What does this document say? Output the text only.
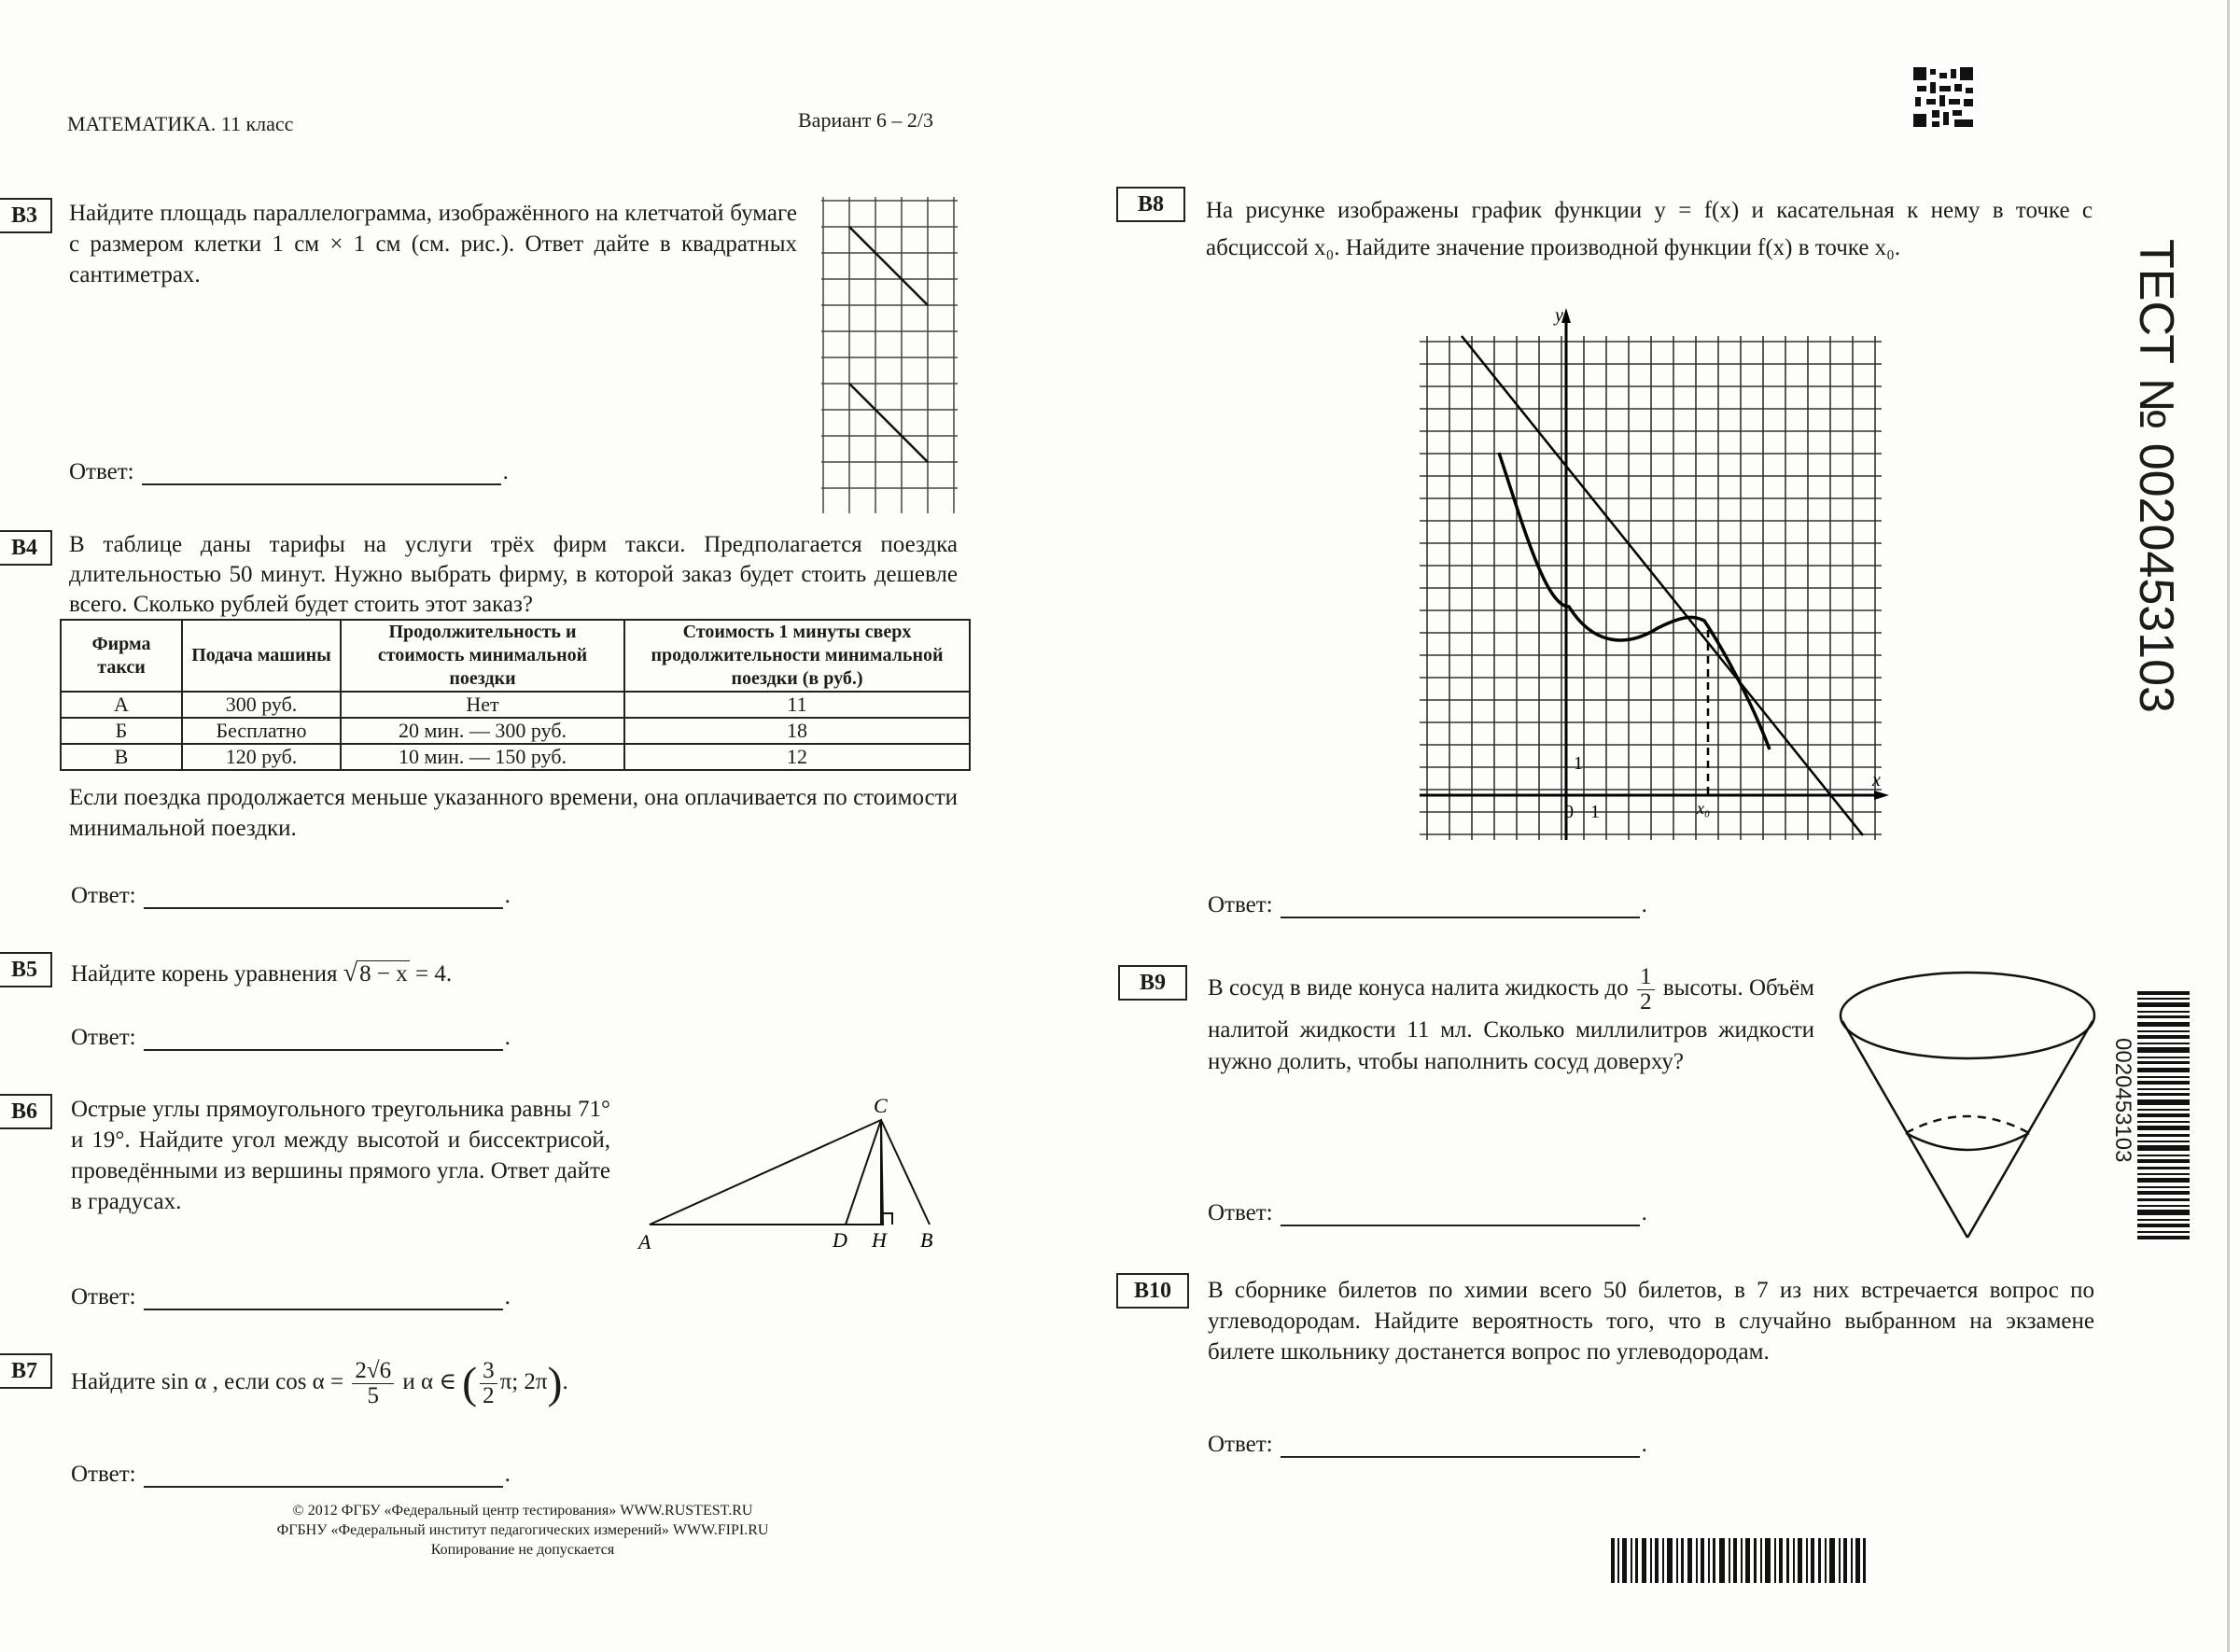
МАТЕМАТИКА. 11 класс	Вариант 6 – 2/3
B3	Найдите площадь параллелограмма, изображённого на клетчатой бумаге с размером клетки 1 см × 1 см (см. рис.). Ответ дайте в квадратных сантиметрах.
Ответ:	.
B4	В таблице даны тарифы на услуги трёх фирм такси. Предполагается поездка длительностью 50 минут. Нужно выбрать фирму, в которой заказ будет стоить дешевле всего. Сколько рублей будет стоить этот заказ?
Фирма такси	Подача машины	Продолжительность и стоимость минимальной поездки	Стоимость 1 минуты сверх продолжительности минимальной поездки (в руб.)
А	300 руб.	Нет	11
Б	Бесплатно	20 мин. — 300 руб.	18
В	120 руб.	10 мин. — 150 руб.	12
Если поездка продолжается меньше указанного времени, она оплачивается по стоимости минимальной поездки.
Ответ:	.
B5	Найдите корень уравнения √8 − x = 4.
Ответ:	.
B6	Острые углы прямоугольного треугольника равны 71° и 19°. Найдите угол между высотой и биссектрисой, проведёнными из вершины прямого угла. Ответ дайте в градусах.
A	D H B
C
Ответ:	.
B7	Найдите sin α , если $\cos \alpha = \frac{2√6}{5}$ и α ∈ ( $\frac{3}{2} \pi$; 2π).
Ответ:	.
© 2012 ФГБУ «Федеральный центр тестирования» WWW.RUSTEST.RU
ФГБНУ «Федеральный институт педагогических измерений» WWW.FIPI.RU
Копирование не допускается
B8	На рисунке изображены график функции y = f(x) и касательная к нему в точке с абсциссой x₀. Найдите значение производной функции f(x) в точке x₀.
y
x
0 1
1
x₀
Ответ:	.
B9	В сосуд в виде конуса налита жидкость до $\frac{1}{2}$ высоты. Объём налитой жидкости 11 мл. Сколько миллилитров жидкости нужно долить, чтобы наполнить сосуд доверху?
Ответ:	.
B10	В сборнике билетов по химии всего 50 билетов, в 7 из них встречается вопрос по углеводородам. Найдите вероятность того, что в случайно выбранном на экзамене билете школьнику достанется вопрос по углеводородам.
Ответ:	.
ТЕСТ № 0020453103
0020453103
